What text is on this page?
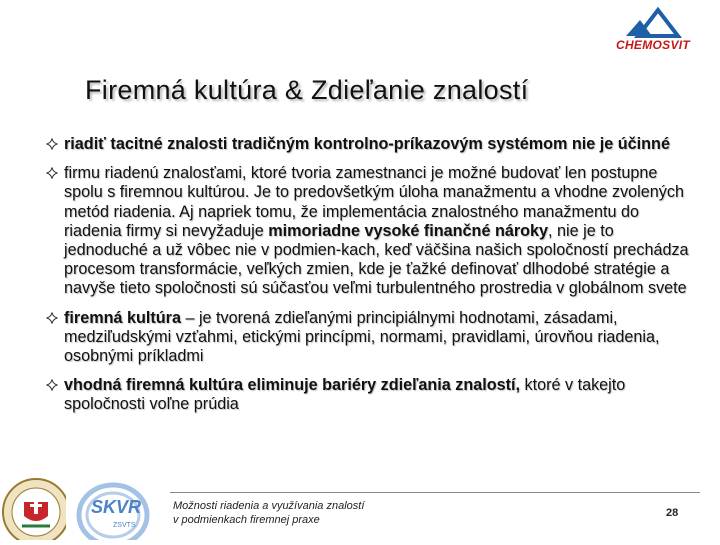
CHEMOSVIT
Firemná kultúra & Zdieľanie znalostí
riadiť tacitné znalosti tradičným kontrolno-príkazovým systémom nie je účinné
firmu riadenú znalosťami, ktoré tvoria zamestnanci je možné budovať len postupne spolu s firemnou kultúrou. Je to predovšetkým úloha manažmentu a vhodne zvolených metód riadenia. Aj napriek tomu, že implementácia znalostného manažmentu do riadenia firmy si nevyžaduje mimoriadne vysoké finančné nároky, nie je to jednoduché a už vôbec nie v podmien-kach, keď väčšina našich spoločností prechádza procesom transformácie, veľkých zmien, kde je ťažké definovať dlhodobé stratégie a navyše tieto spoločnosti sú súčasťou veľmi turbulentného prostredia v globálnom svete
firemná kultúra – je tvorená zdieľanými principiálnymi hodnotami, zásadami, medziľudskými vzťahmi, etickými princípmi, normami, pravidlami, úrovňou riadenia, osobnými príkladmi
vhodná firemná kultúra eliminuje bariéry zdieľania znalostí, ktoré v takejto spoločnosti voľne prúdia
SKVR
ZSVTS
Možnosti riadenia a využívania znalostí
v podmienkach firemnej praxe
28
